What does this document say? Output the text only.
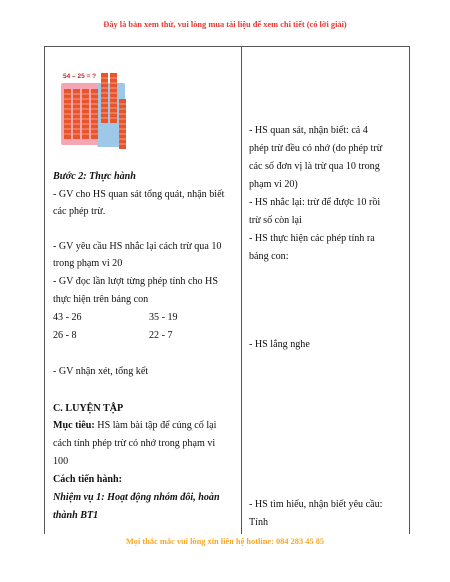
Đây là bản xem thử, vui lòng mua tài liệu để xem chi tiết (có lời giải)
54 – 25 = ?
Bước 2: Thực hành
- GV cho HS quan sát tổng quát, nhận biết
các phép trừ.
- GV yêu cầu HS nhắc lại cách trừ qua 10
trong phạm vi 20
- GV đọc lần lượt từng phép tính cho HS
thực hiện trên bảng con
43 - 26	35 - 19
26 - 8	22 - 7
- GV nhận xét, tổng kết
C. LUYỆN TẬP
Mục tiêu: HS làm bài tập để củng cố lại
cách tính phép trừ có nhớ trong phạm vi
100
Cách tiến hành:
Nhiệm vụ 1: Hoạt động nhóm đôi, hoàn
thành BT1
- HS quan sát, nhận biết: cả 4
phép trừ đều có nhớ (do phép trừ
các số đơn vị là trừ qua 10 trong
phạm vi 20)
- HS nhắc lại: trừ để được 10 rồi
trừ số còn lại
- HS thực hiện các phép tính ra
bảng con:
- HS lắng nghe
- HS tìm hiểu, nhận biết yêu cầu:
Tính
Mọi thắc mắc vui lòng xin liên hệ hotline: 084 283 45 85
